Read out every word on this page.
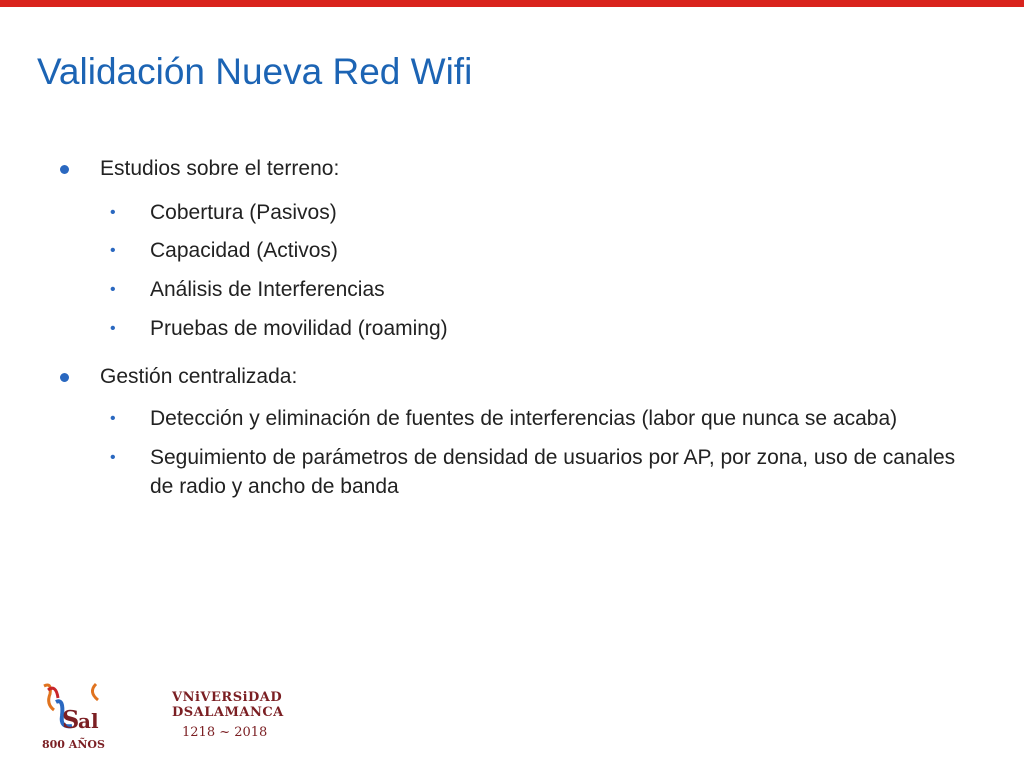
Validación Nueva Red Wifi
Estudios sobre el terreno:
• Cobertura (Pasivos)
• Capacidad (Activos)
• Análisis de Interferencias
• Pruebas de movilidad (roaming)
Gestión centralizada:
• Detección y eliminación de fuentes de interferencias (labor que nunca se acaba)
• Seguimiento de parámetros de densidad de usuarios por AP, por zona, uso de canales de radio y ancho de banda
S
al
800 AÑOS
VNiVERSiDAD
DSALAMANCA
1218 ~ 2018
